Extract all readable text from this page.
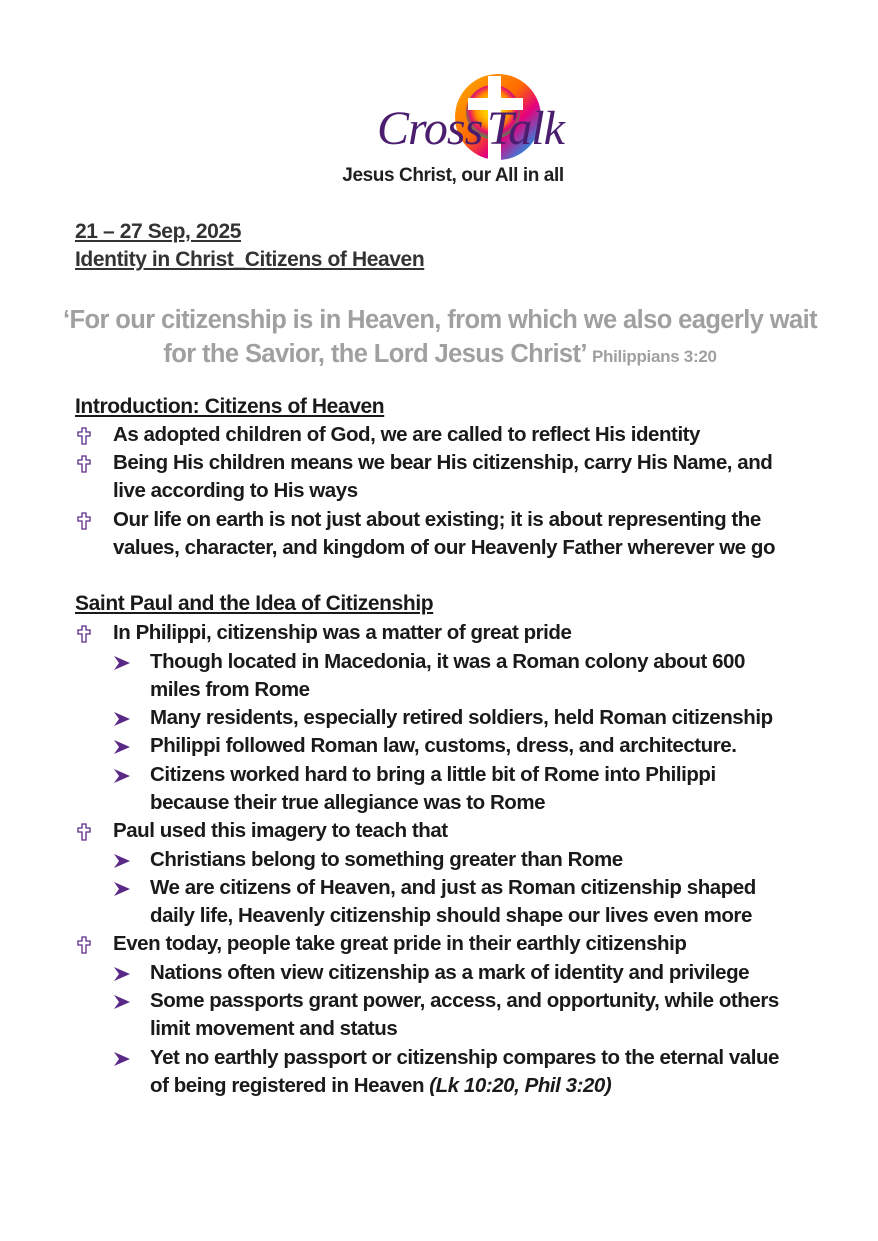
Cross Talk
Jesus Christ, our All in all
21 – 27 Sep, 2025
Identity in Christ_Citizens of Heaven
‘For our citizenship is in Heaven, from which we also eagerly wait for the Savior, the Lord Jesus Christ’ Philippians 3:20
Introduction: Citizens of Heaven
As adopted children of God, we are called to reflect His identity
Being His children means we bear His citizenship, carry His Name, and live according to His ways
Our life on earth is not just about existing; it is about representing the values, character, and kingdom of our Heavenly Father wherever we go
Saint Paul and the Idea of Citizenship
In Philippi, citizenship was a matter of great pride
Though located in Macedonia, it was a Roman colony about 600 miles from Rome
Many residents, especially retired soldiers, held Roman citizenship
Philippi followed Roman law, customs, dress, and architecture.
Citizens worked hard to bring a little bit of Rome into Philippi because their true allegiance was to Rome
Paul used this imagery to teach that
Christians belong to something greater than Rome
We are citizens of Heaven, and just as Roman citizenship shaped daily life, Heavenly citizenship should shape our lives even more
Even today, people take great pride in their earthly citizenship
Nations often view citizenship as a mark of identity and privilege
Some passports grant power, access, and opportunity, while others limit movement and status
Yet no earthly passport or citizenship compares to the eternal value of being registered in Heaven (Lk 10:20, Phil 3:20)
